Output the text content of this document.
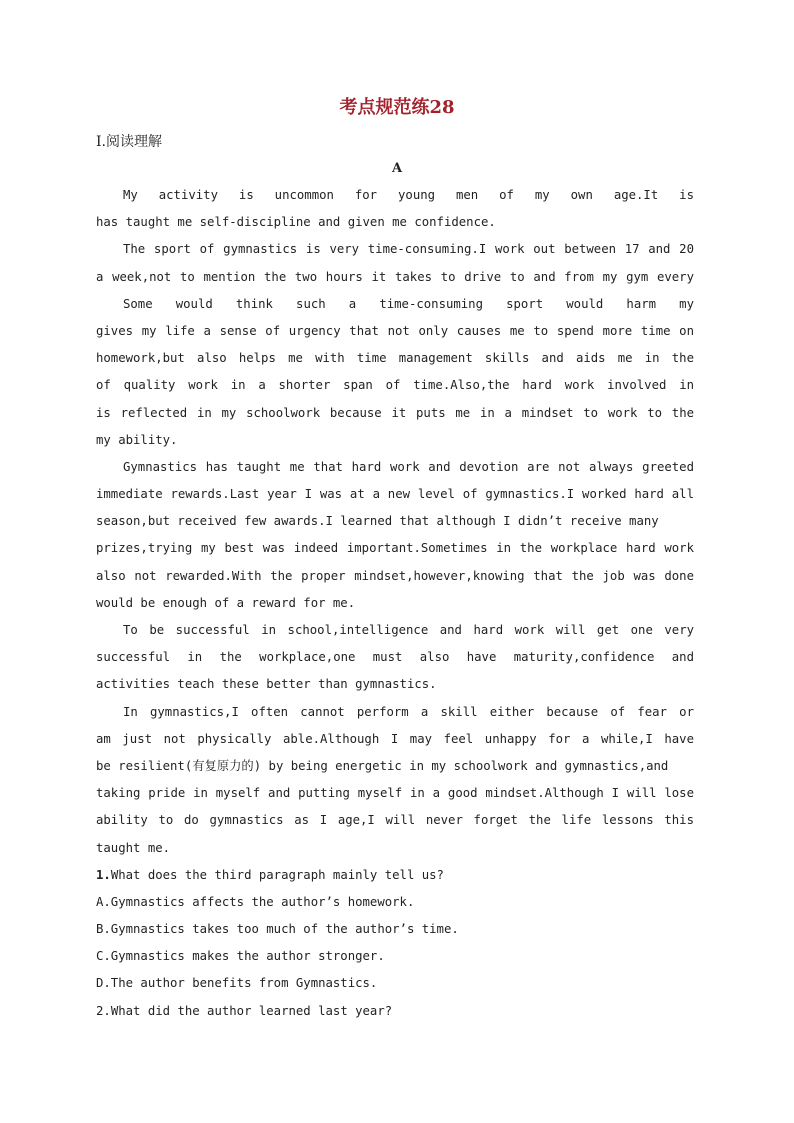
考点规范练28
Ⅰ.阅读理解
A
My activity is uncommon for young men of my own age.It is
has taught me self-discipline and given me confidence.
The sport of gymnastics is very time-consuming.I work out between 17 and 20
a week,not to mention the two hours it takes to drive to and from my gym every
Some would think such a time-consuming sport would harm my
gives my life a sense of urgency that not only causes me to spend more time on
homework,but also helps me with time management skills and aids me in the
of quality work in a shorter span of time.Also,the hard work involved in
is reflected in my schoolwork because it puts me in a mindset to work to the
my ability.
Gymnastics has taught me that hard work and devotion are not always greeted
immediate rewards.Last year I was at a new level of gymnastics.I worked hard all
season,but received few awards.I learned that although I didn’t receive many
prizes,trying my best was indeed important.Sometimes in the workplace hard work
also not rewarded.With the proper mindset,however,knowing that the job was done
would be enough of a reward for me.
To be successful in school,intelligence and hard work will get one very
successful in the workplace,one must also have maturity,confidence and
activities teach these better than gymnastics.
In gymnastics,I often cannot perform a skill either because of fear or
am just not physically able.Although I may feel unhappy for a while,I have
be resilient(有复原力的) by being energetic in my schoolwork and gymnastics,and
taking pride in myself and putting myself in a good mindset.Although I will lose
ability to do gymnastics as I age,I will never forget the life lessons this
taught me.
1.What does the third paragraph mainly tell us?
A.Gymnastics affects the author’s homework.
B.Gymnastics takes too much of the author’s time.
C.Gymnastics makes the author stronger.
D.The author benefits from Gymnastics.
2.What did the author learned last year?
